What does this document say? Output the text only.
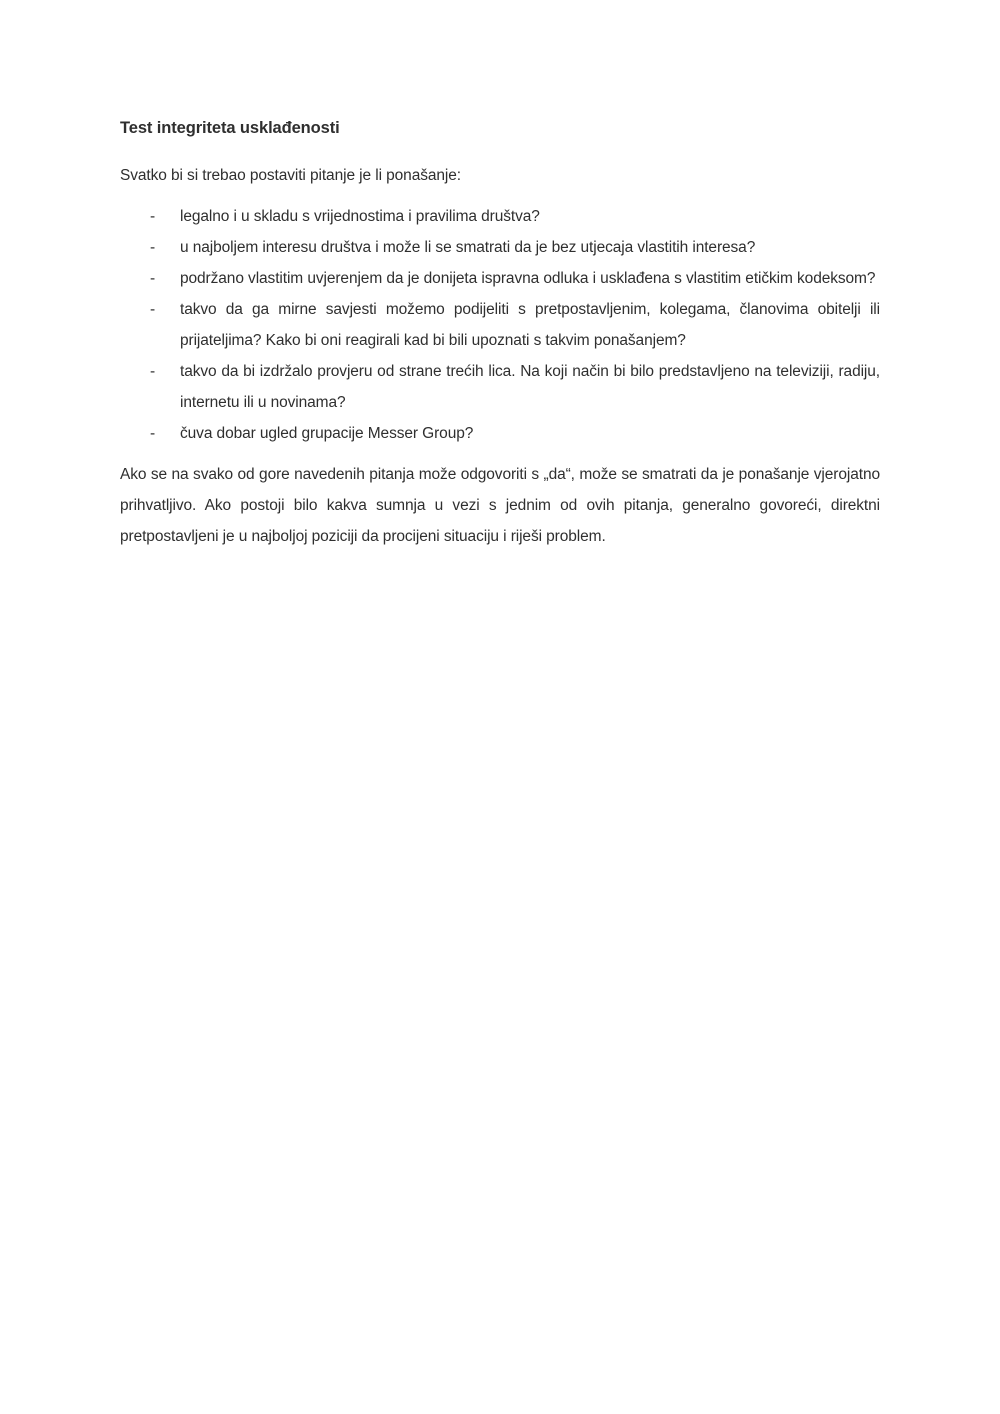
Test integriteta usklađenosti

Svatko bi si trebao postaviti pitanje je li ponašanje:

-	legalno i u skladu s vrijednostima i pravilima društva?
-	u najboljem interesu društva i može li se smatrati da je bez utjecaja vlastitih interesa?
-	podržano vlastitim uvjerenjem da je donijeta ispravna odluka i usklađena s vlastitim etičkim kodeksom?
-	takvo da ga mirne savjesti možemo podijeliti s pretpostavljenim, kolegama, članovima obitelji ili prijateljima? Kako bi oni reagirali kad bi bili upoznati s takvim ponašanjem?
-	takvo da bi izdržalo provjeru od strane trećih lica. Na koji način bi bilo predstavljeno na televiziji, radiju, internetu ili u novinama?
-	čuva dobar ugled grupacije Messer Group?

Ako se na svako od gore navedenih pitanja može odgovoriti s „da“, može se smatrati da je ponašanje vjerojatno prihvatljivo. Ako postoji bilo kakva sumnja u vezi s jednim od ovih pitanja, generalno govoreći, direktni pretpostavljeni je u najboljoj poziciji da procijeni situaciju i riješi problem.
